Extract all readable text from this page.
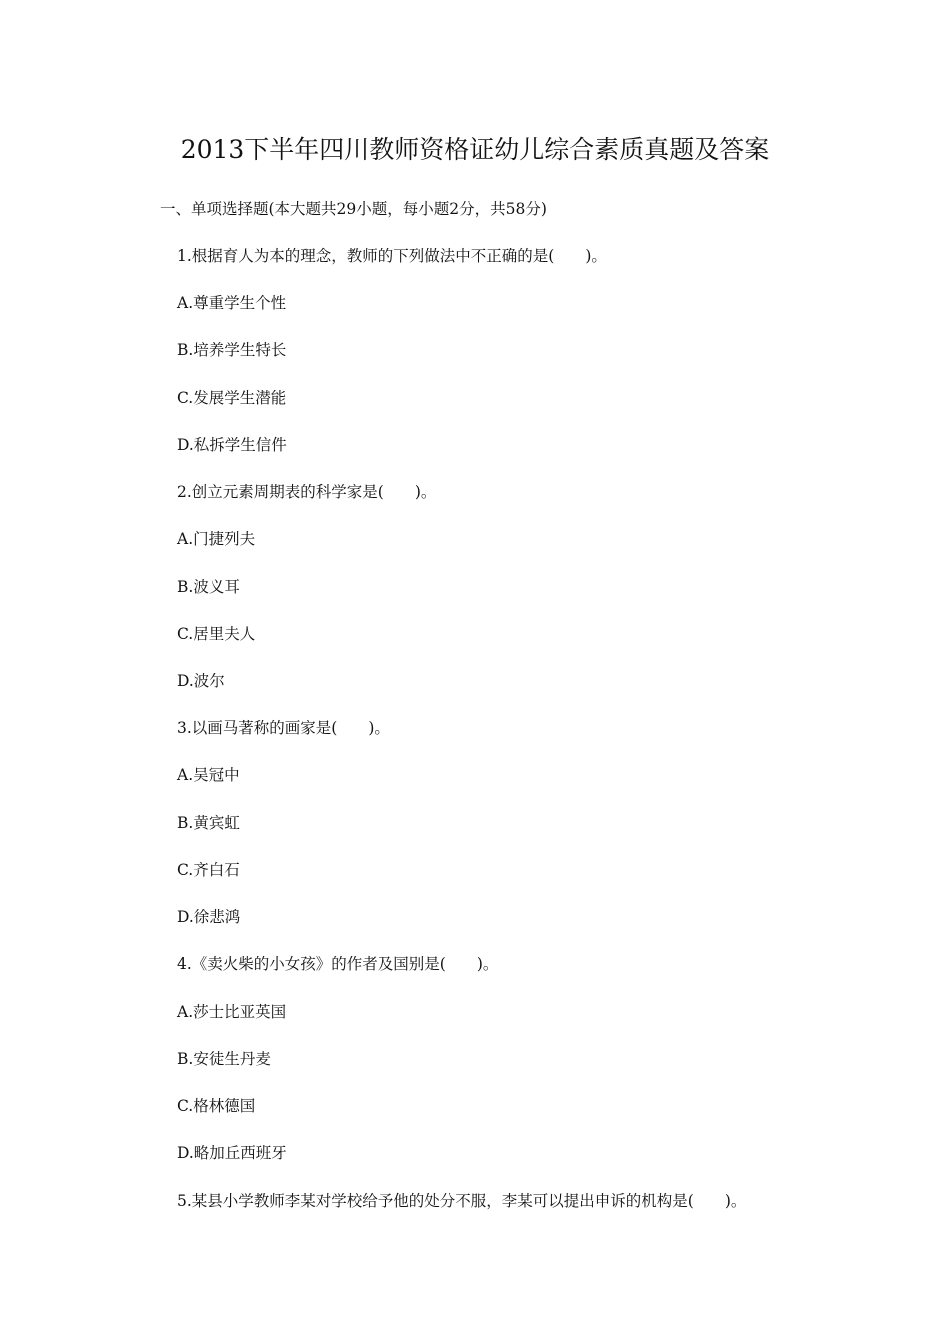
2013下半年四川教师资格证幼儿综合素质真题及答案
一、单项选择题(本大题共29小题，每小题2分，共58分)
1.根据育人为本的理念，教师的下列做法中不正确的是(　　)。
A.尊重学生个性
B.培养学生特长
C.发展学生潜能
D.私拆学生信件
2.创立元素周期表的科学家是(　　)。
A.门捷列夫
B.波义耳
C.居里夫人
D.波尔
3.以画马著称的画家是(　　)。
A.吴冠中
B.黄宾虹
C.齐白石
D.徐悲鸿
4.《卖火柴的小女孩》的作者及国别是(　　)。
A.莎士比亚英国
B.安徒生丹麦
C.格林德国
D.略加丘西班牙
5.某县小学教师李某对学校给予他的处分不服，李某可以提出申诉的机构是(　　)。
